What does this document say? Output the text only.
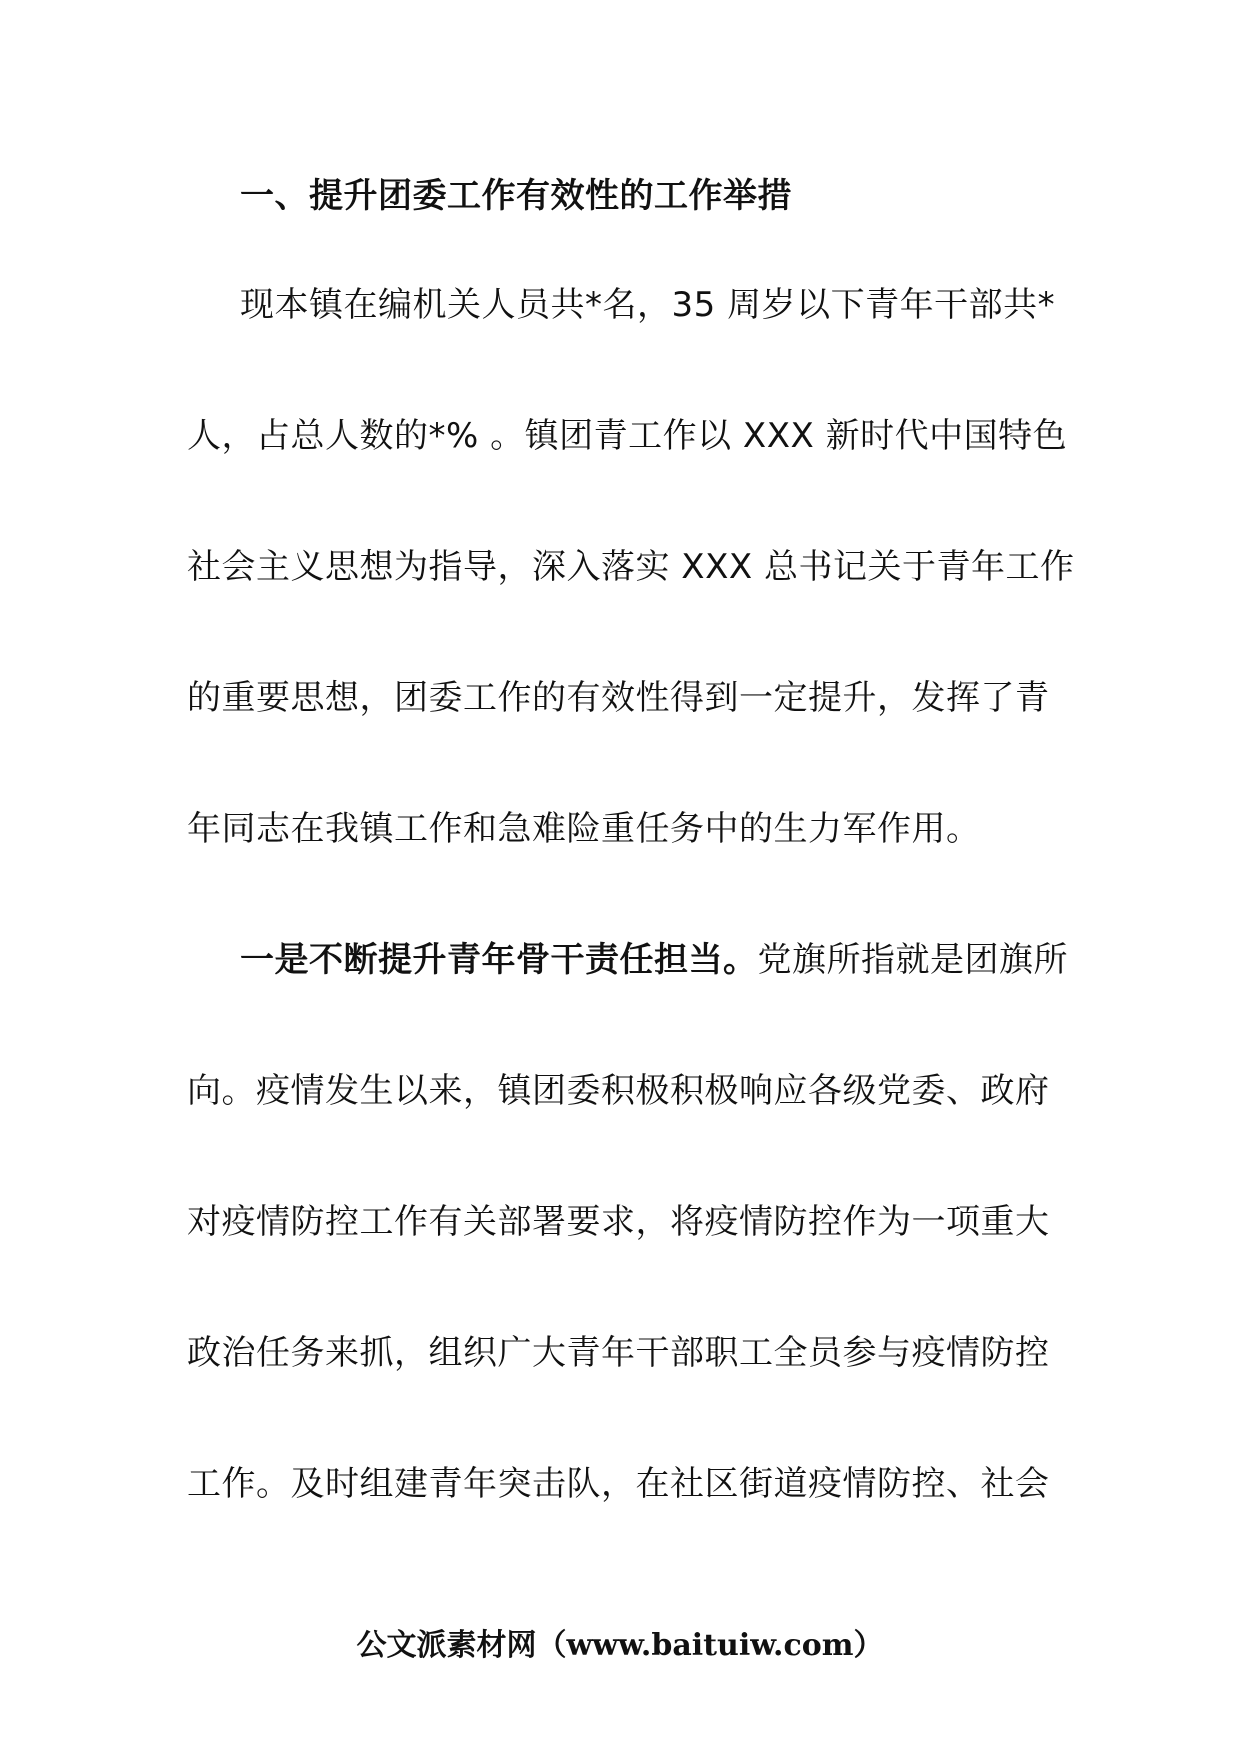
一、提升团委工作有效性的工作举措
现本镇在编机关人员共*名，35 周岁以下青年干部共*
人，占总人数的*% 。镇团青工作以 XXX 新时代中国特色
社会主义思想为指导，深入落实 XXX 总书记关于青年工作
的重要思想，团委工作的有效性得到一定提升，发挥了青
年同志在我镇工作和急难险重任务中的生力军作用。
一是不断提升青年骨干责任担当。党旗所指就是团旗所
向。疫情发生以来，镇团委积极积极响应各级党委、政府
对疫情防控工作有关部署要求，将疫情防控作为一项重大
政治任务来抓，组织广大青年干部职工全员参与疫情防控
工作。及时组建青年突击队，在社区街道疫情防控、社会
公文派素材网（www.baituiw.com）
